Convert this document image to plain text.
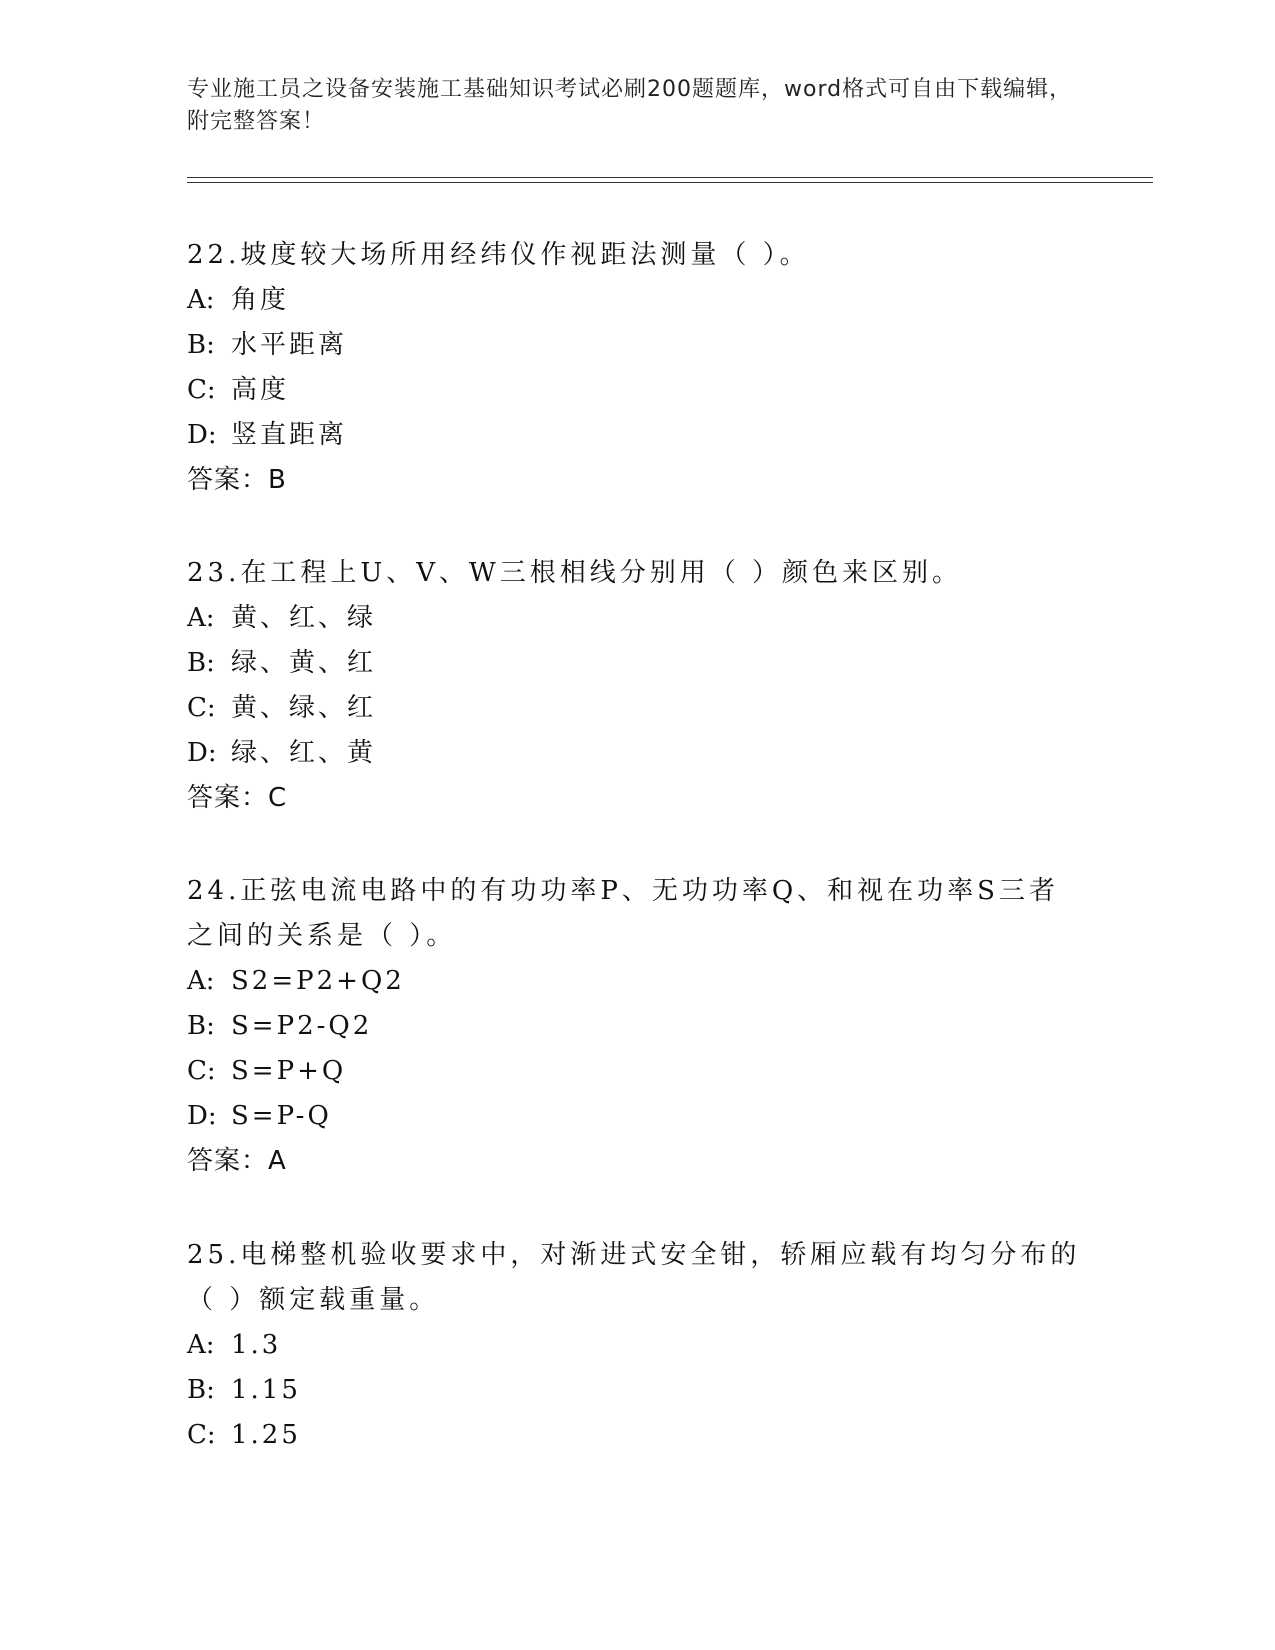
专业施工员之设备安装施工基础知识考试必刷200题题库，word格式可自由下载编辑，附完整答案！

22.坡度较大场所用经纬仪作视距法测量（ ）。

A: 角度

B: 水平距离

C: 高度

D: 竖直距离

答案：B

23.在工程上U、V、W三根相线分别用（ ）颜色来区别。

A: 黄、红、绿

B: 绿、黄、红

C: 黄、绿、红

D: 绿、红、黄

答案：C

24.正弦电流电路中的有功功率P、无功功率Q、和视在功率S三者之间的关系是（ ）。

A: S2=P2+Q2

B: S=P2-Q2

C: S=P+Q

D: S=P-Q

答案：A

25.电梯整机验收要求中，对渐进式安全钳，轿厢应载有均匀分布的（ ）额定载重量。

A: 1.3

B: 1.15

C: 1.25
